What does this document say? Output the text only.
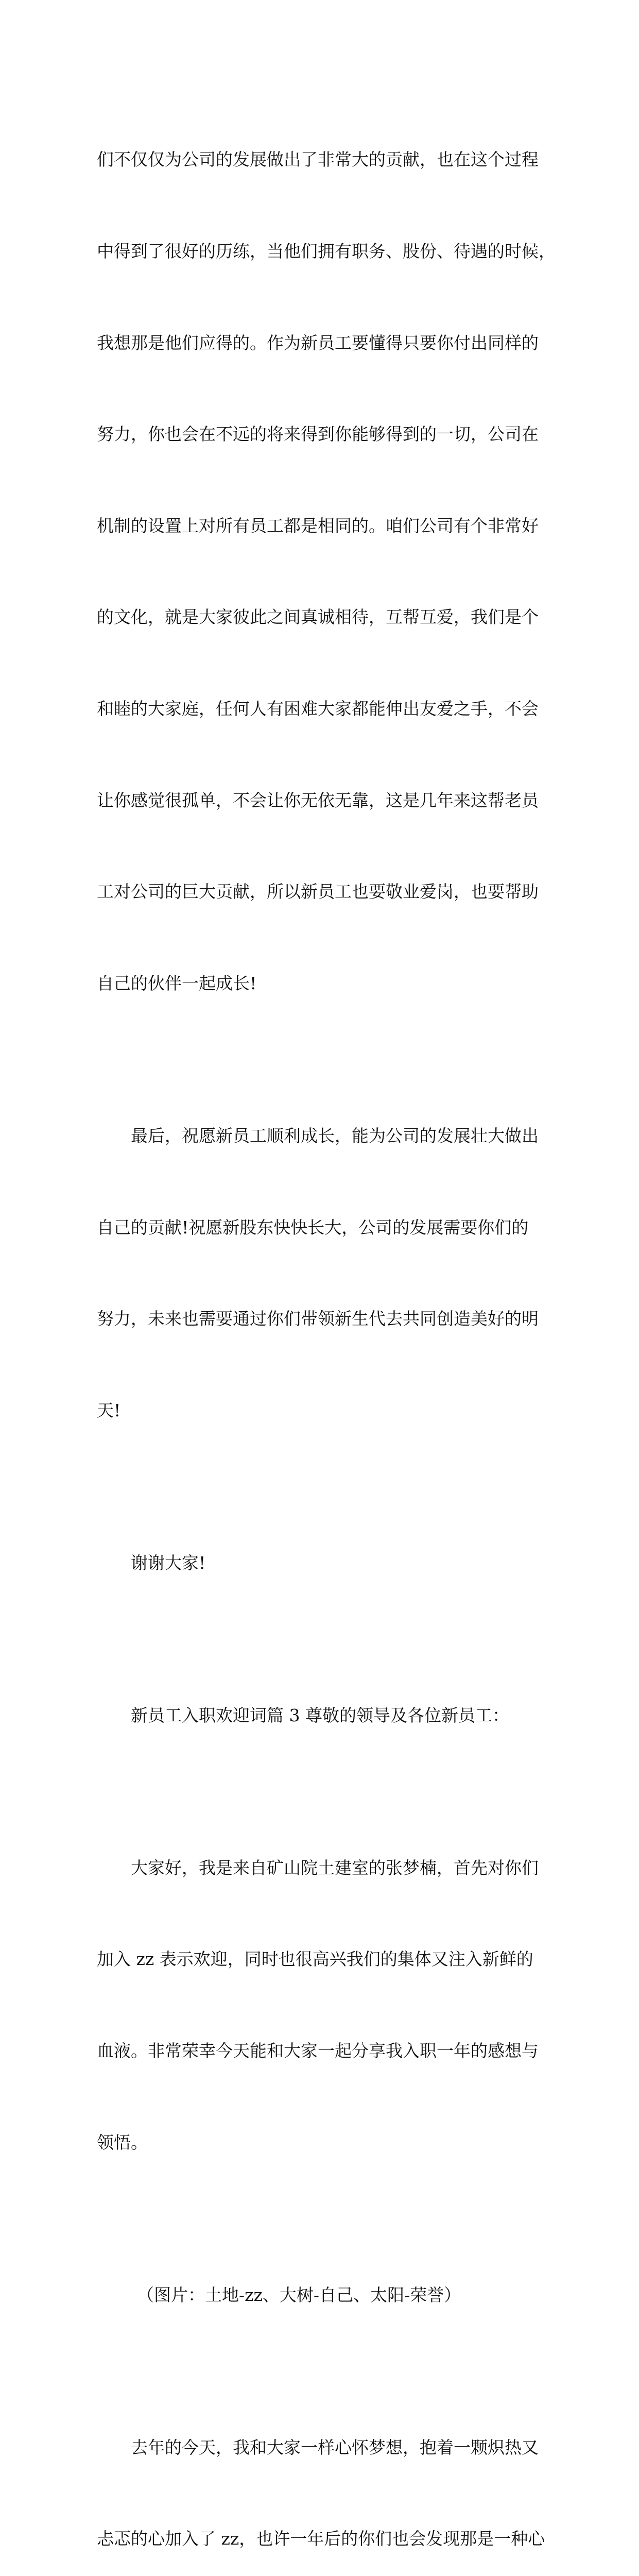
们不仅仅为公司的发展做出了非常大的贡献，也在这个过程

中得到了很好的历练，当他们拥有职务、股份、待遇的时候，

我想那是他们应得的。作为新员工要懂得只要你付出同样的

努力，你也会在不远的将来得到你能够得到的一切，公司在

机制的设置上对所有员工都是相同的。咱们公司有个非常好

的文化，就是大家彼此之间真诚相待，互帮互爱，我们是个

和睦的大家庭，任何人有困难大家都能伸出友爱之手，不会

让你感觉很孤单，不会让你无依无靠，这是几年来这帮老员

工对公司的巨大贡献，所以新员工也要敬业爱岗，也要帮助

自己的伙伴一起成长!

最后，祝愿新员工顺利成长，能为公司的发展壮大做出

自己的贡献!祝愿新股东快快长大，公司的发展需要你们的

努力，未来也需要通过你们带领新生代去共同创造美好的明

天!

谢谢大家!

新员工入职欢迎词篇 3 尊敬的领导及各位新员工：

大家好，我是来自矿山院土建室的张梦楠，首先对你们

加入 zz 表示欢迎，同时也很高兴我们的集体又注入新鲜的

血液。非常荣幸今天能和大家一起分享我入职一年的感想与

领悟。

（图片：土地-zz、大树-自己、太阳-荣誉）

去年的今天，我和大家一样心怀梦想，抱着一颗炽热又

忐忑的心加入了 zz，也许一年后的你们也会发现那是一种心
